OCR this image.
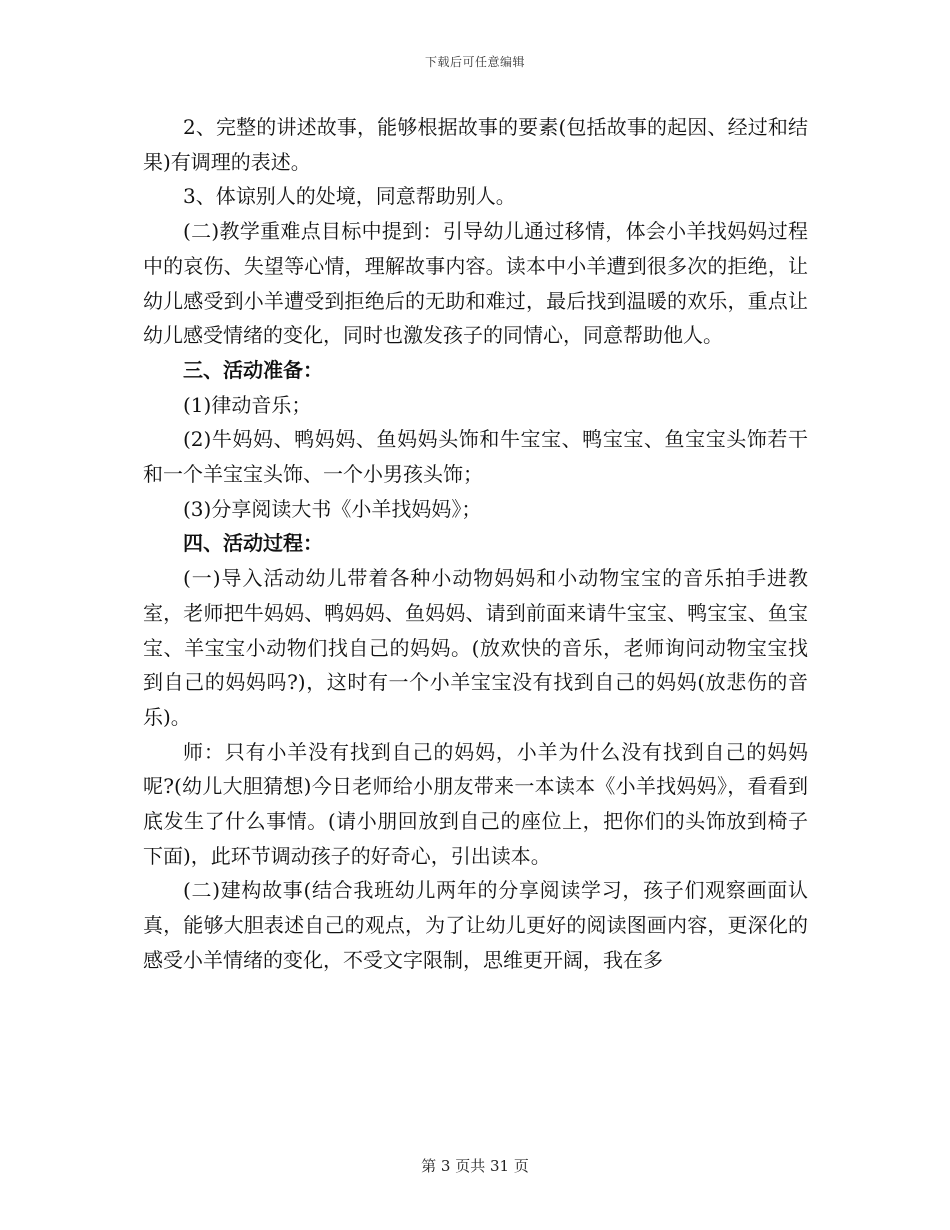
下载后可任意编辑

2、完整的讲述故事，能够根据故事的要素(包括故事的起因、经过和结果)有调理的表述。

3、体谅别人的处境，同意帮助别人。

(二)教学重难点目标中提到：引导幼儿通过移情，体会小羊找妈妈过程中的哀伤、失望等心情，理解故事内容。读本中小羊遭到很多次的拒绝，让幼儿感受到小羊遭受到拒绝后的无助和难过，最后找到温暖的欢乐，重点让幼儿感受情绪的变化，同时也激发孩子的同情心，同意帮助他人。

三、活动准备：

(1)律动音乐；

(2)牛妈妈、鸭妈妈、鱼妈妈头饰和牛宝宝、鸭宝宝、鱼宝宝头饰若干和一个羊宝宝头饰、一个小男孩头饰；

(3)分享阅读大书《小羊找妈妈》；

四、活动过程：

(一)导入活动幼儿带着各种小动物妈妈和小动物宝宝的音乐拍手进教室，老师把牛妈妈、鸭妈妈、鱼妈妈、请到前面来请牛宝宝、鸭宝宝、鱼宝宝、羊宝宝小动物们找自己的妈妈。(放欢快的音乐，老师询问动物宝宝找到自己的妈妈吗?)，这时有一个小羊宝宝没有找到自己的妈妈(放悲伤的音乐)。

师：只有小羊没有找到自己的妈妈，小羊为什么没有找到自己的妈妈呢?(幼儿大胆猜想)今日老师给小朋友带来一本读本《小羊找妈妈》，看看到底发生了什么事情。(请小朋回放到自己的座位上，把你们的头饰放到椅子下面)，此环节调动孩子的好奇心，引出读本。

(二)建构故事(结合我班幼儿两年的分享阅读学习，孩子们观察画面认真，能够大胆表述自己的观点，为了让幼儿更好的阅读图画内容，更深化的感受小羊情绪的变化，不受文字限制，思维更开阔，我在多

第 3 页共 31 页
